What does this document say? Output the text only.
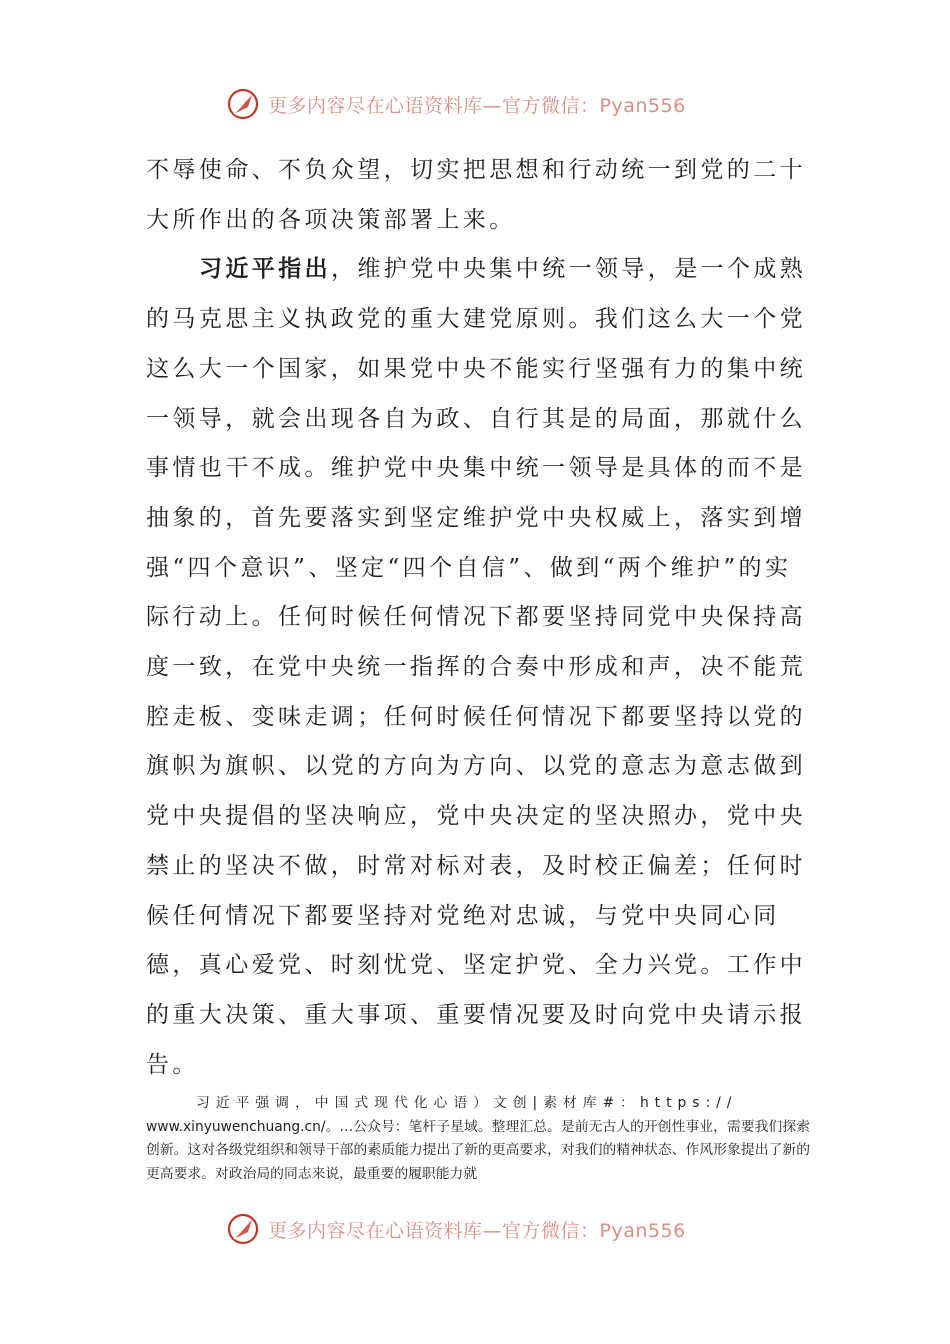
更多内容尽在心语资料库—官方微信：Pyan556

不辱使命、不负众望，切实把思想和行动统一到党的二十大所作出的各项决策部署上来。

习近平指出，维护党中央集中统一领导，是一个成熟的马克思主义执政党的重大建党原则。我们这么大一个党这么大一个国家，如果党中央不能实行坚强有力的集中统一领导，就会出现各自为政、自行其是的局面，那就什么事情也干不成。维护党中央集中统一领导是具体的而不是抽象的，首先要落实到坚定维护党中央权威上，落实到增强“四个意识”、坚定“四个自信”、做到“两个维护”的实际行动上。任何时候任何情况下都要坚持同党中央保持高度一致，在党中央统一指挥的合奏中形成和声，决不能荒腔走板、变味走调；任何时候任何情况下都要坚持以党的旗帜为旗帜、以党的方向为方向、以党的意志为意志做到党中央提倡的坚决响应，党中央决定的坚决照办，党中央禁止的坚决不做，时常对标对表，及时校正偏差；任何时候任何情况下都要坚持对党绝对忠诚，与党中央同心同德，真心爱党、时刻忧党、坚定护党、全力兴党。工作中的重大决策、重大事项、重要情况要及时向党中央请示报告。

习近平强调，中国式现代化心语）文创|素材库#：https://

www.xinyuwenchuang.cn/。…公众号：笔杆子星域。整理汇总。是前无古人的开创性事业，需要我们探索创新。这对各级党组织和领导干部的素质能力提出了新的更高要求，对我们的精神状态、作风形象提出了新的更高要求。对政治局的同志来说，最重要的履职能力就

更多内容尽在心语资料库—官方微信：Pyan556
